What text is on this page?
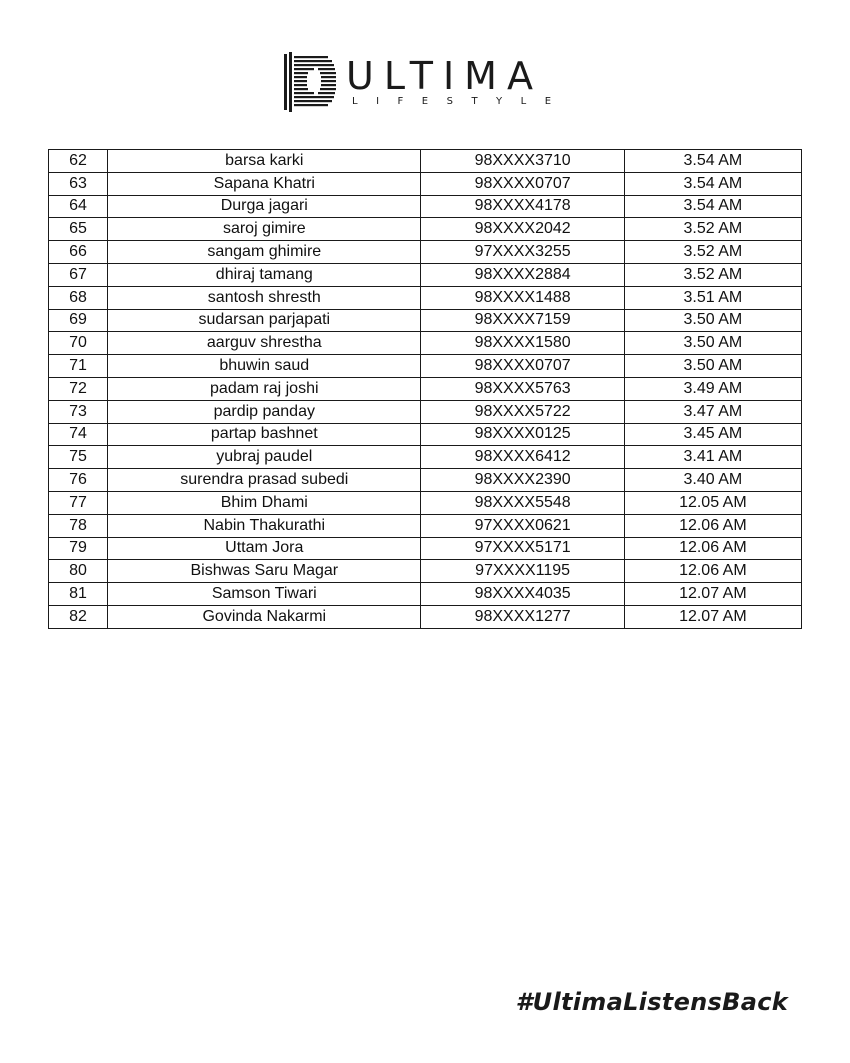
ULTIMA
LIFESTYLE
62	barsa karki	98XXXX3710	3.54 AM
63	Sapana Khatri	98XXXX0707	3.54 AM
64	Durga jagari	98XXXX4178	3.54 AM
65	saroj gimire	98XXXX2042	3.52 AM
66	sangam ghimire	97XXXX3255	3.52 AM
67	dhiraj tamang	98XXXX2884	3.52 AM
68	santosh shresth	98XXXX1488	3.51 AM
69	sudarsan parjapati	98XXXX7159	3.50 AM
70	aarguv shrestha	98XXXX1580	3.50 AM
71	bhuwin saud	98XXXX0707	3.50 AM
72	padam raj joshi	98XXXX5763	3.49 AM
73	pardip panday	98XXXX5722	3.47 AM
74	partap bashnet	98XXXX0125	3.45 AM
75	yubraj paudel	98XXXX6412	3.41 AM
76	surendra prasad subedi	98XXXX2390	3.40 AM
77	Bhim Dhami	98XXXX5548	12.05 AM
78	Nabin Thakurathi	97XXXX0621	12.06 AM
79	Uttam Jora	97XXXX5171	12.06 AM
80	Bishwas Saru Magar	97XXXX1195	12.06 AM
81	Samson Tiwari	98XXXX4035	12.07 AM
82	Govinda Nakarmi	98XXXX1277	12.07 AM
#UltimaListensBack
